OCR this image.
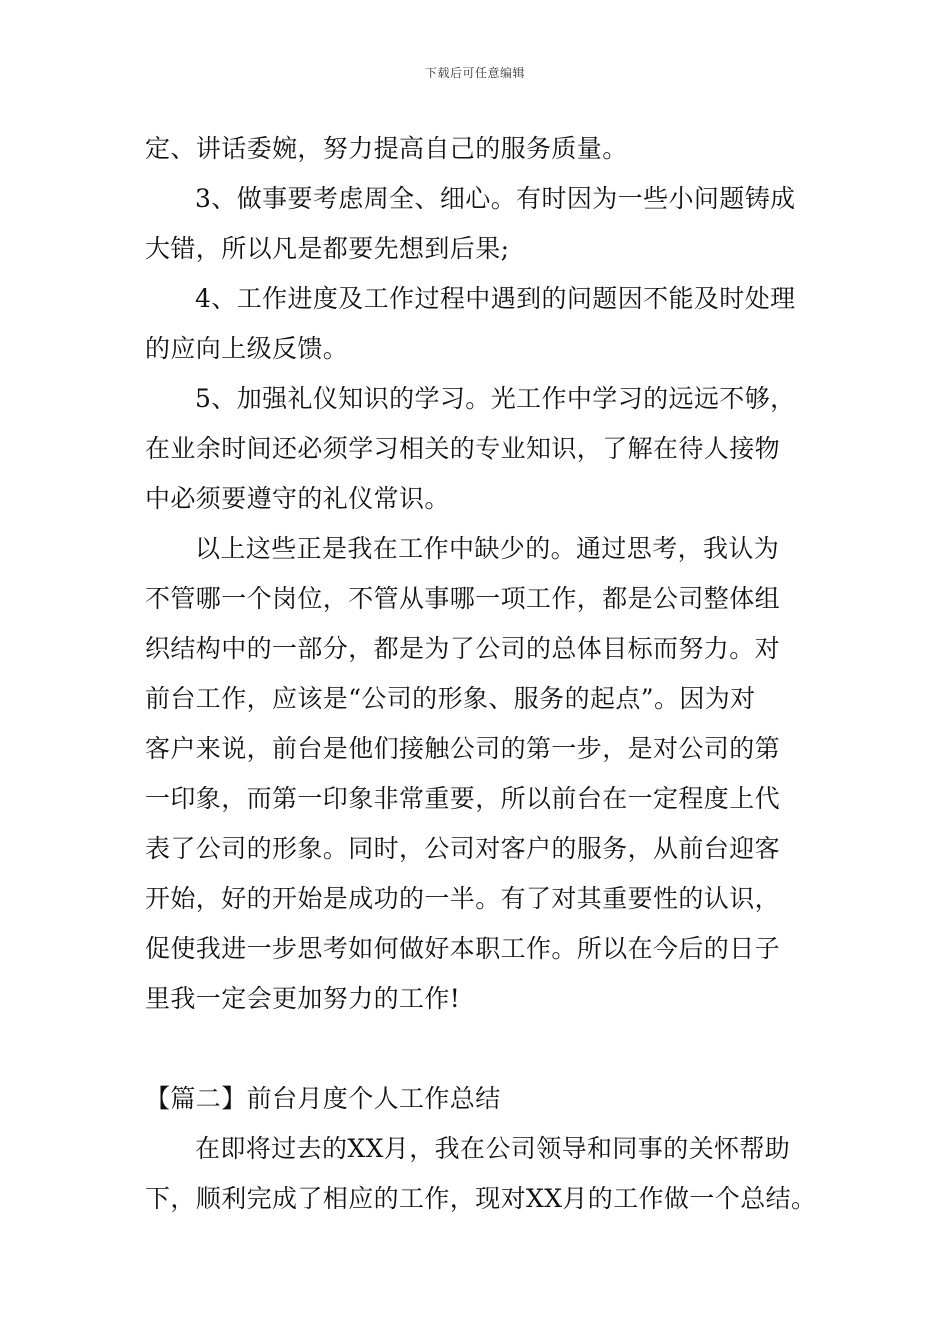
下载后可任意编辑
定、讲话委婉，努力提高自己的服务质量。
3、做事要考虑周全、细心。有时因为一些小问题铸成
大错，所以凡是都要先想到后果;
4、工作进度及工作过程中遇到的问题因不能及时处理
的应向上级反馈。
5、加强礼仪知识的学习。光工作中学习的远远不够，
在业余时间还必须学习相关的专业知识，了解在待人接物
中必须要遵守的礼仪常识。
以上这些正是我在工作中缺少的。通过思考，我认为
不管哪一个岗位，不管从事哪一项工作，都是公司整体组
织结构中的一部分，都是为了公司的总体目标而努力。对
前台工作，应该是“公司的形象、服务的起点”。因为对
客户来说，前台是他们接触公司的第一步，是对公司的第
一印象，而第一印象非常重要，所以前台在一定程度上代
表了公司的形象。同时，公司对客户的服务，从前台迎客
开始，好的开始是成功的一半。有了对其重要性的认识，
促使我进一步思考如何做好本职工作。所以在今后的日子
里我一定会更加努力的工作!
【篇二】前台月度个人工作总结
在即将过去的XX月，我在公司领导和同事的关怀帮助
下，顺利完成了相应的工作，现对XX月的工作做一个总结。
